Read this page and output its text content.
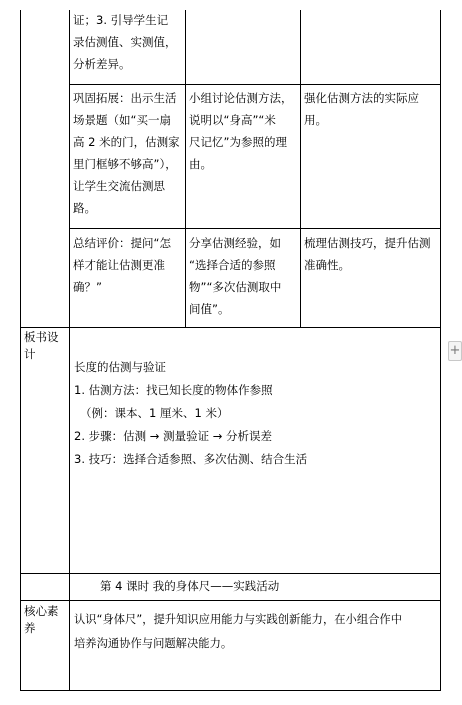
证；3. 引导学生记
录估测值、实测值，
分析差异。
巩固拓展：出示生活
场景题（如“买一扇
高 2 米的门，估测家
里门框够不够高”），
让学生交流估测思
路。
小组讨论估测方法，
说明以“身高”“米
尺记忆”为参照的理
由。
强化估测方法的实际应
用。
总结评价：提问“怎
样才能让估测更准
确？”
分享估测经验，如
“选择合适的参照
物”“多次估测取中
间值”。
梳理估测技巧，提升估测
准确性。
板书设
计
长度的估测与验证
1. 估测方法：找已知长度的物体作参照
（例：课本、1 厘米、1 米）
2. 步骤：估测 → 测量验证 → 分析误差
3. 技巧：选择合适参照、多次估测、结合生活
第 4 课时 我的身体尺——实践活动
核心素
养
认识“身体尺”，提升知识应用能力与实践创新能力，在小组合作中
培养沟通协作与问题解决能力。
+
